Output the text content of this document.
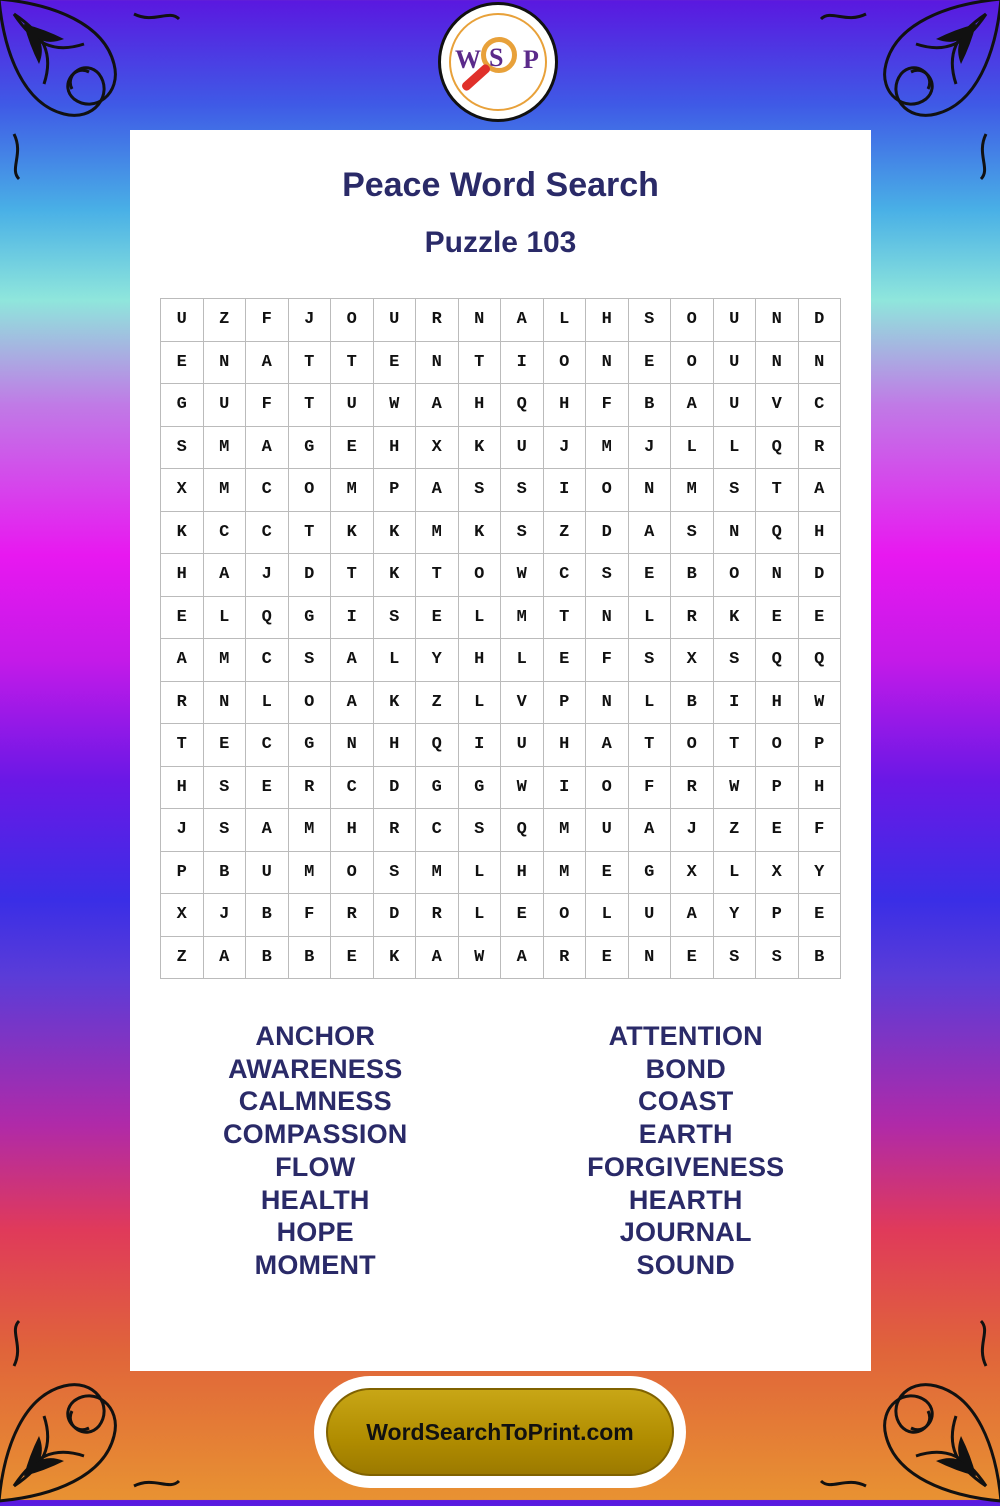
W S P
Peace Word Search
Puzzle 103
U	Z	F	J	O	U	R	N	A	L	H	S	O	U	N	D
E	N	A	T	T	E	N	T	I	O	N	E	O	U	N	N
G	U	F	T	U	W	A	H	Q	H	F	B	A	U	V	C
S	M	A	G	E	H	X	K	U	J	M	J	L	L	Q	R
X	M	C	O	M	P	A	S	S	I	O	N	M	S	T	A
K	C	C	T	K	K	M	K	S	Z	D	A	S	N	Q	H
H	A	J	D	T	K	T	O	W	C	S	E	B	O	N	D
E	L	Q	G	I	S	E	L	M	T	N	L	R	K	E	E
A	M	C	S	A	L	Y	H	L	E	F	S	X	S	Q	Q
R	N	L	O	A	K	Z	L	V	P	N	L	B	I	H	W
T	E	C	G	N	H	Q	I	U	H	A	T	O	T	O	P
H	S	E	R	C	D	G	G	W	I	O	F	R	W	P	H
J	S	A	M	H	R	C	S	Q	M	U	A	J	Z	E	F
P	B	U	M	O	S	M	L	H	M	E	G	X	L	X	Y
X	J	B	F	R	D	R	L	E	O	L	U	A	Y	P	E
Z	A	B	B	E	K	A	W	A	R	E	N	E	S	S	B
ANCHOR
AWARENESS
CALMNESS
COMPASSION
FLOW
HEALTH
HOPE
MOMENT
ATTENTION
BOND
COAST
EARTH
FORGIVENESS
HEARTH
JOURNAL
SOUND
WordSearchToPrint.com
